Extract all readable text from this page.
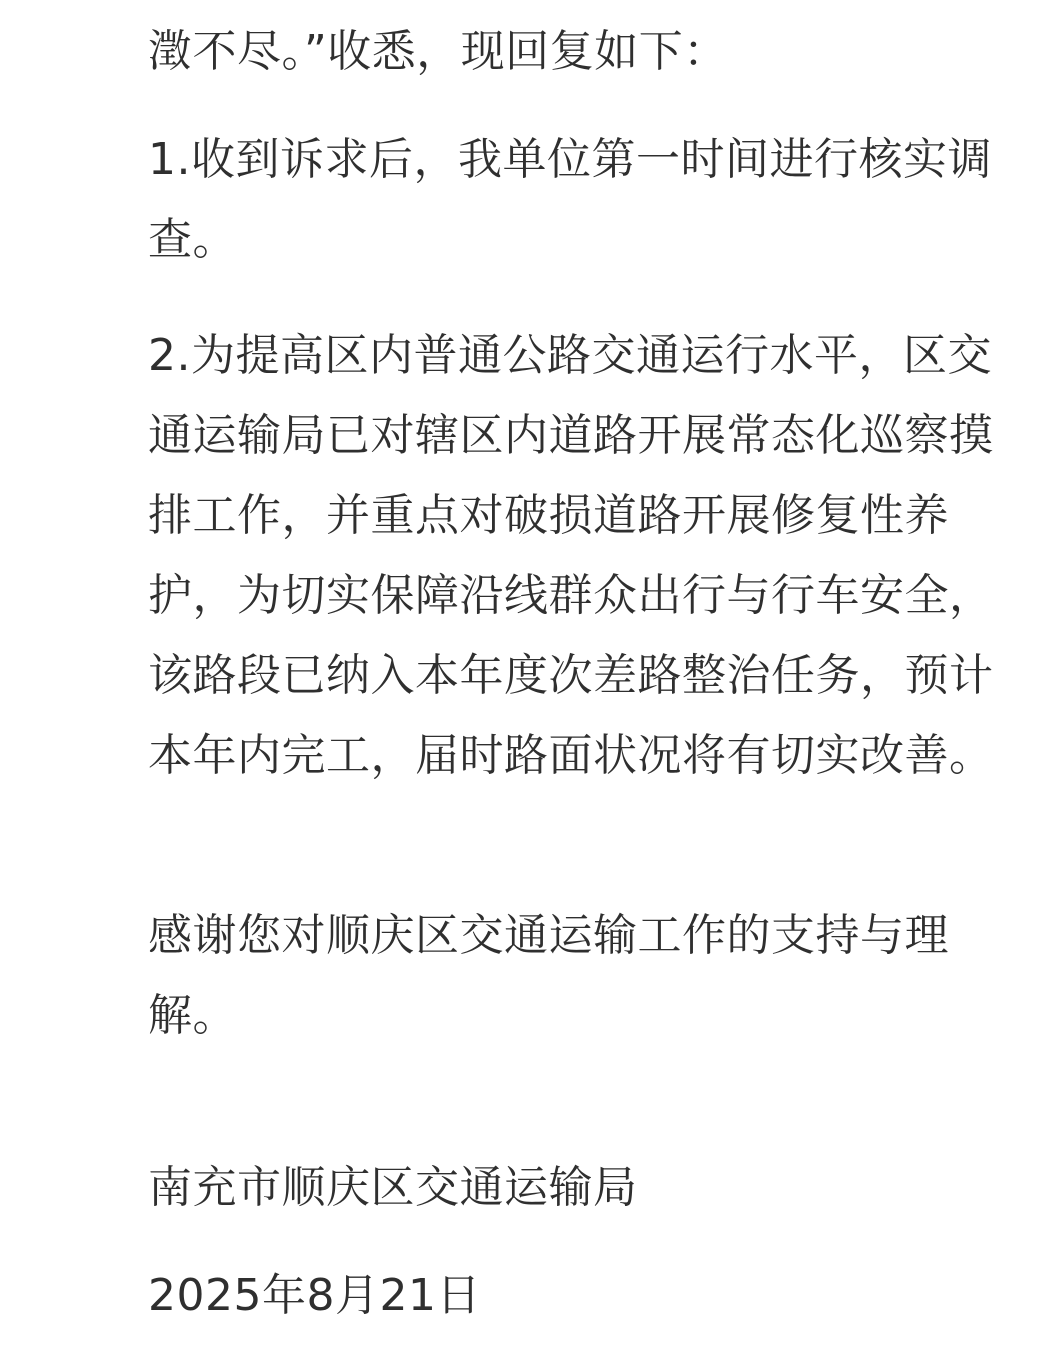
澂不尽。”收悉，现回复如下：

1.收到诉求后，我单位第一时间进行核实调查。

2.为提高区内普通公路交通运行水平，区交通运输局已对辖区内道路开展常态化巡察摸排工作，并重点对破损道路开展修复性养护，为切实保障沿线群众出行与行车安全，该路段已纳入本年度次差路整治任务，预计本年内完工，届时路面状况将有切实改善。

感谢您对顺庆区交通运输工作的支持与理解。

南充市顺庆区交通运输局

2025年8月21日
